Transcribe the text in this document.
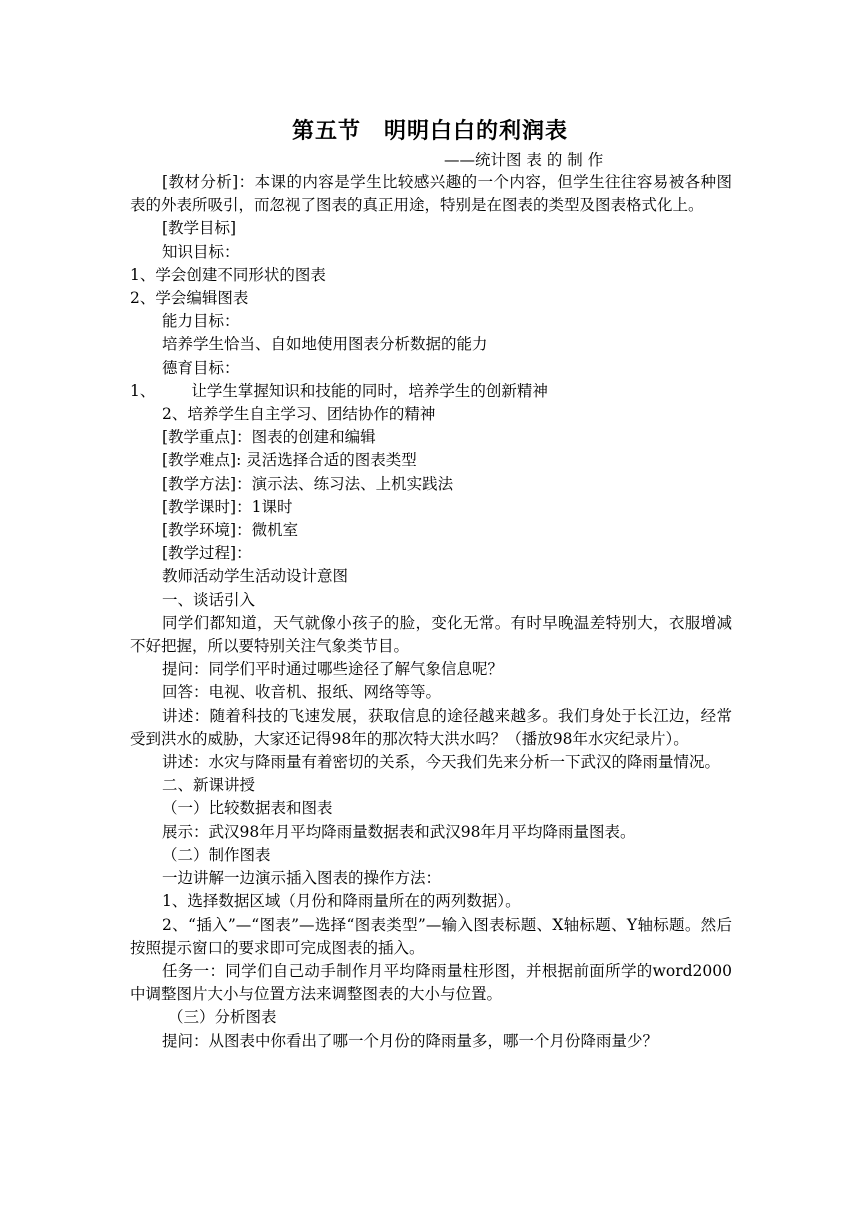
第五节　明明白白的利润表
——统计图 表 的 制 作

[教材分析]：本课的内容是学生比较感兴趣的一个内容，但学生往往容易被各种图表的外表所吸引，而忽视了图表的真正用途，特别是在图表的类型及图表格式化上。

[教学目标]

知识目标：

1、学会创建不同形状的图表

2、学会编辑图表

能力目标：

培养学生恰当、自如地使用图表分析数据的能力

德育目标：

1、 让学生掌握知识和技能的同时，培养学生的创新精神

2、培养学生自主学习、团结协作的精神

[教学重点]：图表的创建和编辑

[教学难点]: 灵活选择合适的图表类型

[教学方法]：演示法、练习法、上机实践法

[教学课时]：1课时

[教学环境]：微机室

[教学过程]：

教师活动学生活动设计意图

一、谈话引入

同学们都知道，天气就像小孩子的脸，变化无常。有时早晚温差特别大，衣服增减不好把握，所以要特别关注气象类节目。

提问：同学们平时通过哪些途径了解气象信息呢？

回答：电视、收音机、报纸、网络等等。

讲述：随着科技的飞速发展，获取信息的途径越来越多。我们身处于长江边，经常受到洪水的威胁，大家还记得98年的那次特大洪水吗？（播放98年水灾纪录片）。

讲述：水灾与降雨量有着密切的关系，今天我们先来分析一下武汉的降雨量情况。

二、新课讲授

（一）比较数据表和图表

展示：武汉98年月平均降雨量数据表和武汉98年月平均降雨量图表。

（二）制作图表

一边讲解一边演示插入图表的操作方法：

1、选择数据区域（月份和降雨量所在的两列数据）。

2、“插入”—“图表”—选择“图表类型”—输入图表标题、X轴标题、Y轴标题。然后按照提示窗口的要求即可完成图表的插入。

任务一：同学们自己动手制作月平均降雨量柱形图，并根据前面所学的word2000中调整图片大小与位置方法来调整图表的大小与位置。

（三）分析图表

提问：从图表中你看出了哪一个月份的降雨量多，哪一个月份降雨量少？
